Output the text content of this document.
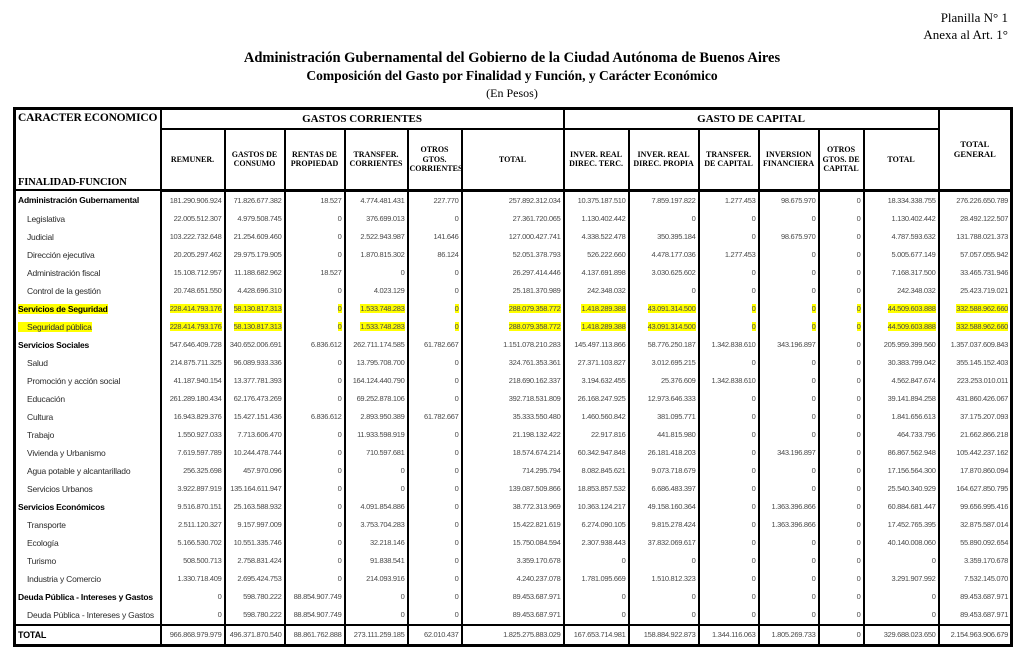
Planilla N° 1
Anexa al Art. 1°
Administración Gubernamental del Gobierno de la Ciudad Autónoma de Buenos Aires
Composición del Gasto por Finalidad y Función, y Carácter Económico
(En Pesos)
CARACTER ECONOMICO
FINALIDAD-FUNCION	GASTOS CORRIENTES						GASTO DE CAPITAL						TOTAL GENERAL
	REMUNER.	GASTOS DE CONSUMO	RENTAS DE PROPIEDAD	TRANSFER. CORRIENTES	OTROS GTOS. CORRIENTES	TOTAL	INVER. REAL DIREC. TERC.	INVER. REAL DIREC. PROPIA	TRANSFER. DE CAPITAL	INVERSION FINANCIERA	OTROS GTOS. DE CAPITAL	TOTAL	
Administración Gubernamental	181.290.906.924	71.826.677.382	18.527	4.774.481.431	227.770	257.892.312.034	10.375.187.510	7.859.197.822	1.277.453	98.675.970	0	18.334.338.755	276.226.650.789
Legislativa	22.005.512.307	4.979.508.745	0	376.699.013	0	27.361.720.065	1.130.402.442	0	0	0	0	1.130.402.442	28.492.122.507
Judicial	103.222.732.648	21.254.609.460	0	2.522.943.987	141.646	127.000.427.741	4.338.522.478	350.395.184	0	98.675.970	0	4.787.593.632	131.788.021.373
Dirección ejecutiva	20.205.297.462	29.975.179.905	0	1.870.815.302	86.124	52.051.378.793	526.222.660	4.478.177.036	1.277.453	0	0	5.005.677.149	57.057.055.942
Administración fiscal	15.108.712.957	11.188.682.962	18.527	0	0	26.297.414.446	4.137.691.898	3.030.625.602	0	0	0	7.168.317.500	33.465.731.946
Control de la gestión	20.748.651.550	4.428.696.310	0	4.023.129	0	25.181.370.989	242.348.032	0	0	0	0	242.348.032	25.423.719.021
Servicios de Seguridad	228.414.793.176	58.130.817.313	0	1.533.748.283	0	288.079.358.772	1.418.289.388	43.091.314.500	0	0	0	44.509.603.888	332.588.962.660
Seguridad pública	228.414.793.176	58.130.817.313	0	1.533.748.283	0	288.079.358.772	1.418.289.388	43.091.314.500	0	0	0	44.509.603.888	332.588.962.660
Servicios Sociales	547.646.409.728	340.652.006.691	6.836.612	262.711.174.585	61.782.667	1.151.078.210.283	145.497.113.866	58.776.250.187	1.342.838.610	343.196.897	0	205.959.399.560	1.357.037.609.843
Salud	214.875.711.325	96.089.933.336	0	13.795.708.700	0	324.761.353.361	27.371.103.827	3.012.695.215	0	0	0	30.383.799.042	355.145.152.403
Promoción y acción social	41.187.940.154	13.377.781.393	0	164.124.440.790	0	218.690.162.337	3.194.632.455	25.376.609	1.342.838.610	0	0	4.562.847.674	223.253.010.011
Educación	261.289.180.434	62.176.473.269	0	69.252.878.106	0	392.718.531.809	26.168.247.925	12.973.646.333	0	0	0	39.141.894.258	431.860.426.067
Cultura	16.943.829.376	15.427.151.436	6.836.612	2.893.950.389	61.782.667	35.333.550.480	1.460.560.842	381.095.771	0	0	0	1.841.656.613	37.175.207.093
Trabajo	1.550.927.033	7.713.606.470	0	11.933.598.919	0	21.198.132.422	22.917.816	441.815.980	0	0	0	464.733.796	21.662.866.218
Vivienda y Urbanismo	7.619.597.789	10.244.478.744	0	710.597.681	0	18.574.674.214	60.342.947.848	26.181.418.203	0	343.196.897	0	86.867.562.948	105.442.237.162
Agua potable y alcantarillado	256.325.698	457.970.096	0	0	0	714.295.794	8.082.845.621	9.073.718.679	0	0	0	17.156.564.300	17.870.860.094
Servicios Urbanos	3.922.897.919	135.164.611.947	0	0	0	139.087.509.866	18.853.857.532	6.686.483.397	0	0	0	25.540.340.929	164.627.850.795
Servicios Económicos	9.516.870.151	25.163.588.932	0	4.091.854.886	0	38.772.313.969	10.363.124.217	49.158.160.364	0	1.363.396.866	0	60.884.681.447	99.656.995.416
Transporte	2.511.120.327	9.157.997.009	0	3.753.704.283	0	15.422.821.619	6.274.090.105	9.815.278.424	0	1.363.396.866	0	17.452.765.395	32.875.587.014
Ecología	5.166.530.702	10.551.335.746	0	32.218.146	0	15.750.084.594	2.307.938.443	37.832.069.617	0	0	0	40.140.008.060	55.890.092.654
Turismo	508.500.713	2.758.831.424	0	91.838.541	0	3.359.170.678	0	0	0	0	0	0	3.359.170.678
Industria y Comercio	1.330.718.409	2.695.424.753	0	214.093.916	0	4.240.237.078	1.781.095.669	1.510.812.323	0	0	0	3.291.907.992	7.532.145.070
Deuda Pública - Intereses y Gastos	0	598.780.222	88.854.907.749	0	0	89.453.687.971	0	0	0	0	0	0	89.453.687.971
Deuda Pública - Intereses y Gastos	0	598.780.222	88.854.907.749	0	0	89.453.687.971	0	0	0	0	0	0	89.453.687.971
TOTAL	966.868.979.979	496.371.870.540	88.861.762.888	273.111.259.185	62.010.437	1.825.275.883.029	167.653.714.981	158.884.922.873	1.344.116.063	1.805.269.733	0	329.688.023.650	2.154.963.906.679
